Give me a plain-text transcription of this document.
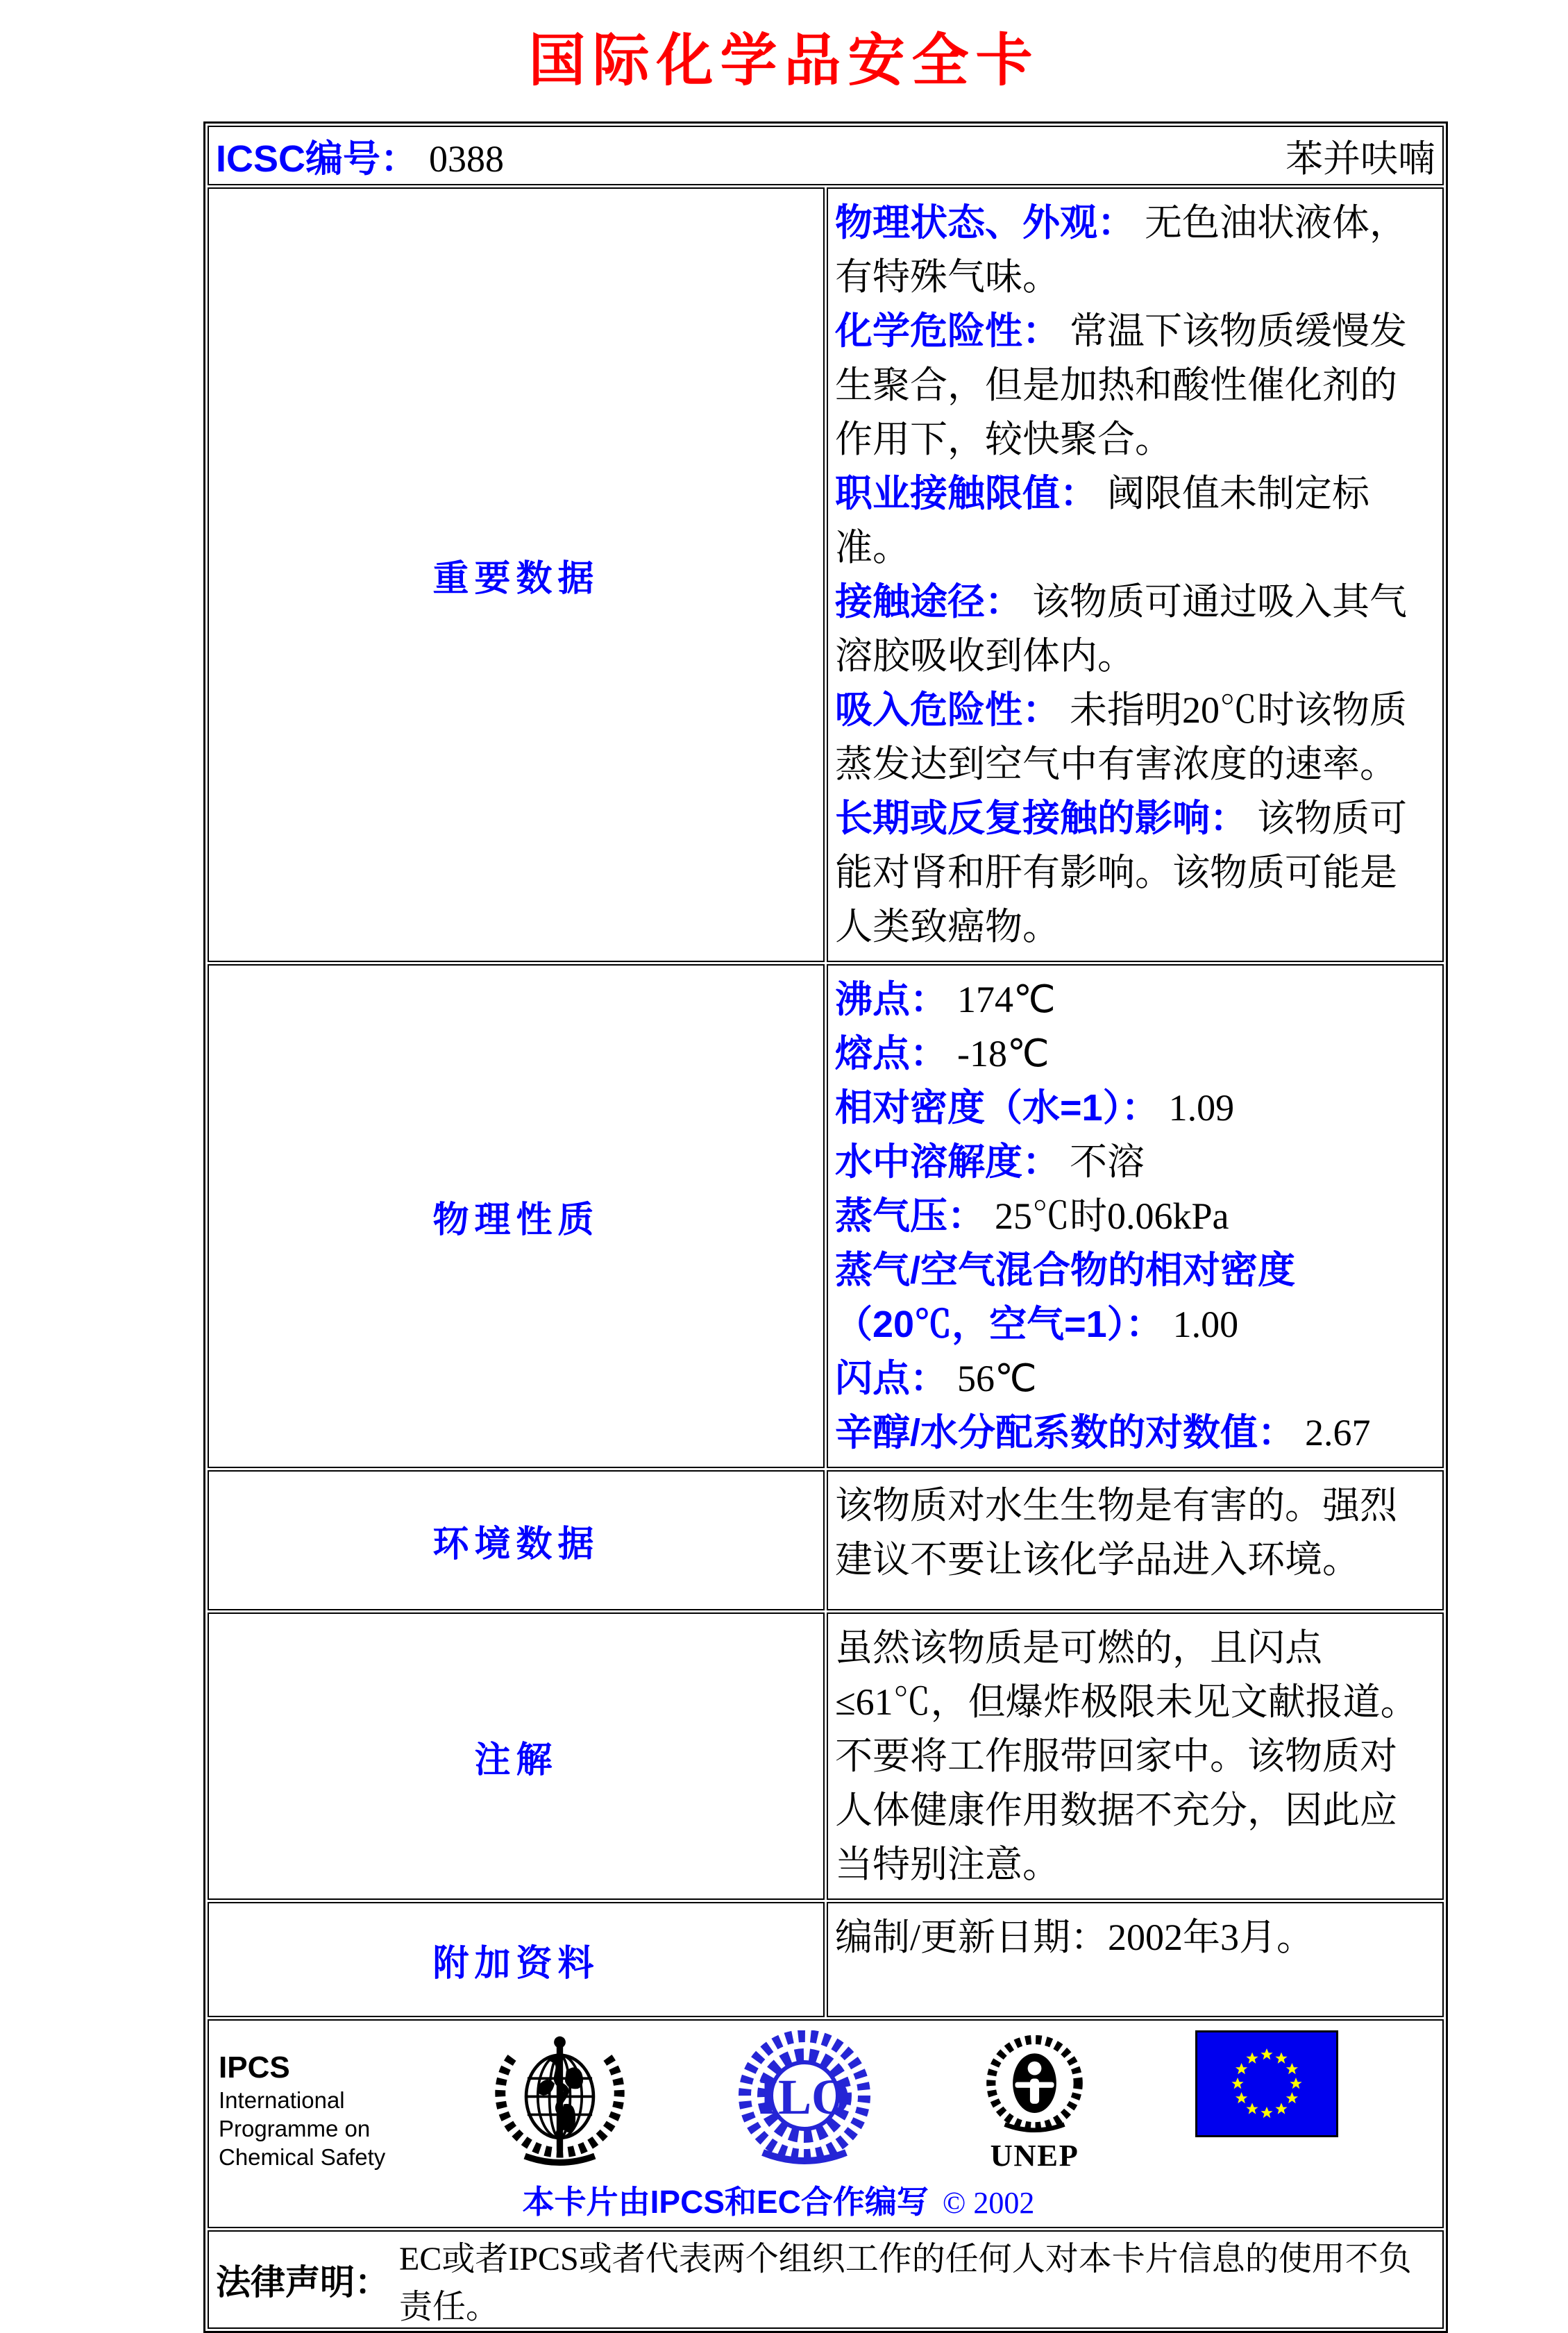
国际化学品安全卡
ICSC编号： 0388 苯并呋喃	

重要数据	
物理状态、外观： 无色油状液体，有特殊气味。
化学危险性： 常温下该物质缓慢发生聚合，但是加热和酸性催化剂的作用下，较快聚合。
职业接触限值： 阈限值未制定标准。
接触途径： 该物质可通过吸入其气溶胶吸收到体内。
吸入危险性： 未指明20℃时该物质蒸发达到空气中有害浓度的速率。
长期或反复接触的影响： 该物质可能对肾和肝有影响。该物质可能是人类致癌物。

物理性质	
沸点： 174℃
熔点： -18℃
相对密度（水=1）： 1.09
水中溶解度： 不溶
蒸气压： 25℃时0.06kPa
蒸气/空气混合物的相对密度（20℃，空气=1）： 1.00
闪点： 56℃
辛醇/水分配系数的对数值： 2.67

环境数据	该物质对水生生物是有害的。强烈建议不要让该化学品进入环境。

注解	虽然该物质是可燃的，且闪点≤61℃，但爆炸极限未见文献报道。不要将工作服带回家中。该物质对人体健康作用数据不充分，因此应当特别注意。

附加资料	编制/更新日期：2002年3月。

IPCS
International
Programme on
Chemical Safety
ILO
UNEP
本卡片由IPCS和EC合作编写 © 2002

法律声明：
EC或者IPCS或者代表两个组织工作的任何人对本卡片信息的使用不负责任。	
